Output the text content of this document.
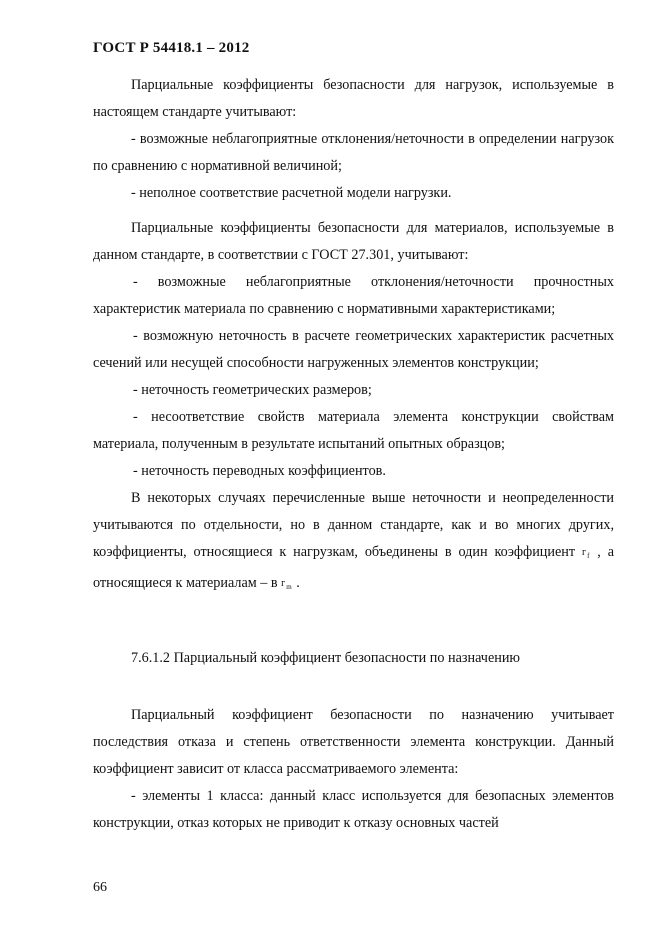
ГОСТ Р 54418.1 – 2012

Парциальные коэффициенты безопасности для нагрузок, используемые в настоящем стандарте учитывают:

- возможные неблагоприятные отклонения/неточности в определении нагрузок по сравнению с нормативной величиной;

- неполное соответствие расчетной модели нагрузки.

Парциальные коэффициенты безопасности для материалов, используемые в данном стандарте, в соответствии с ГОСТ 27.301, учитывают:

- возможные неблагоприятные отклонения/неточности прочностных характеристик материала по сравнению с нормативными характеристиками;

- возможную неточность в расчете геометрических характеристик расчетных сечений или несущей способности нагруженных элементов конструкции;

- неточность геометрических размеров;

- несоответствие свойств материала элемента конструкции свойствам материала, полученным в результате испытаний опытных образцов;

- неточность переводных коэффициентов.

В некоторых случаях перечисленные выше неточности и неопределенности учитываются по отдельности, но в данном стандарте, как и во многих других, коэффициенты, относящиеся к нагрузкам, объединены в один коэффициент $г_f$ , а относящиеся к материалам – в $г_m$ .

7.6.1.2 Парциальный коэффициент безопасности по назначению

Парциальный коэффициент безопасности по назначению учитывает последствия отказа и степень ответственности элемента конструкции. Данный коэффициент зависит от класса рассматриваемого элемента:

- элементы 1 класса: данный класс используется для безопасных элементов конструкции, отказ которых не приводит к отказу основных частей

66
